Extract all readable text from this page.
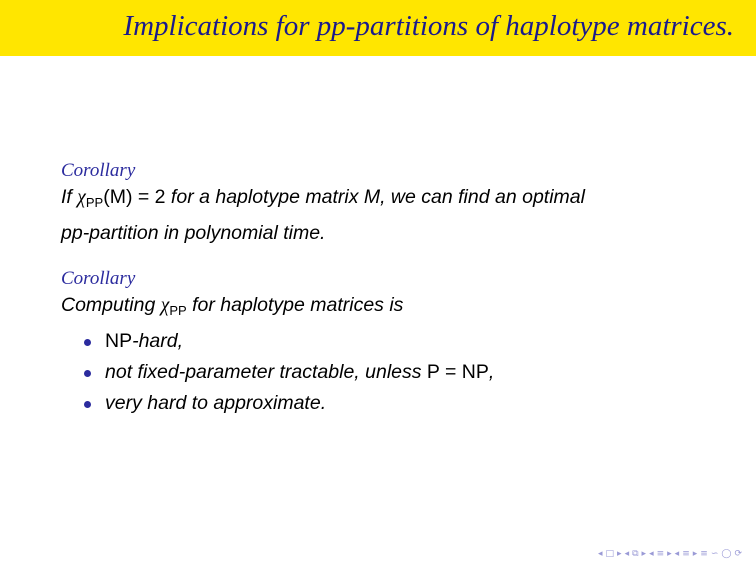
Implications for pp-partitions of haplotype matrices.

Corollary

If $\chi_{PP}(M) = 2$ for a haplotype matrix M, we can find an optimal
pp-partition in polynomial time.

Corollary

Computing $\chi_{PP}$ for haplotype matrices is

NP-hard,
not fixed-parameter tractable, unless P = NP,
very hard to approximate.
◂ □ ▸ ◂ ⧉ ▸ ◂ ≡ ▸ ◂ ≡ ▸ ≡ ∽ ◯ ⟳
